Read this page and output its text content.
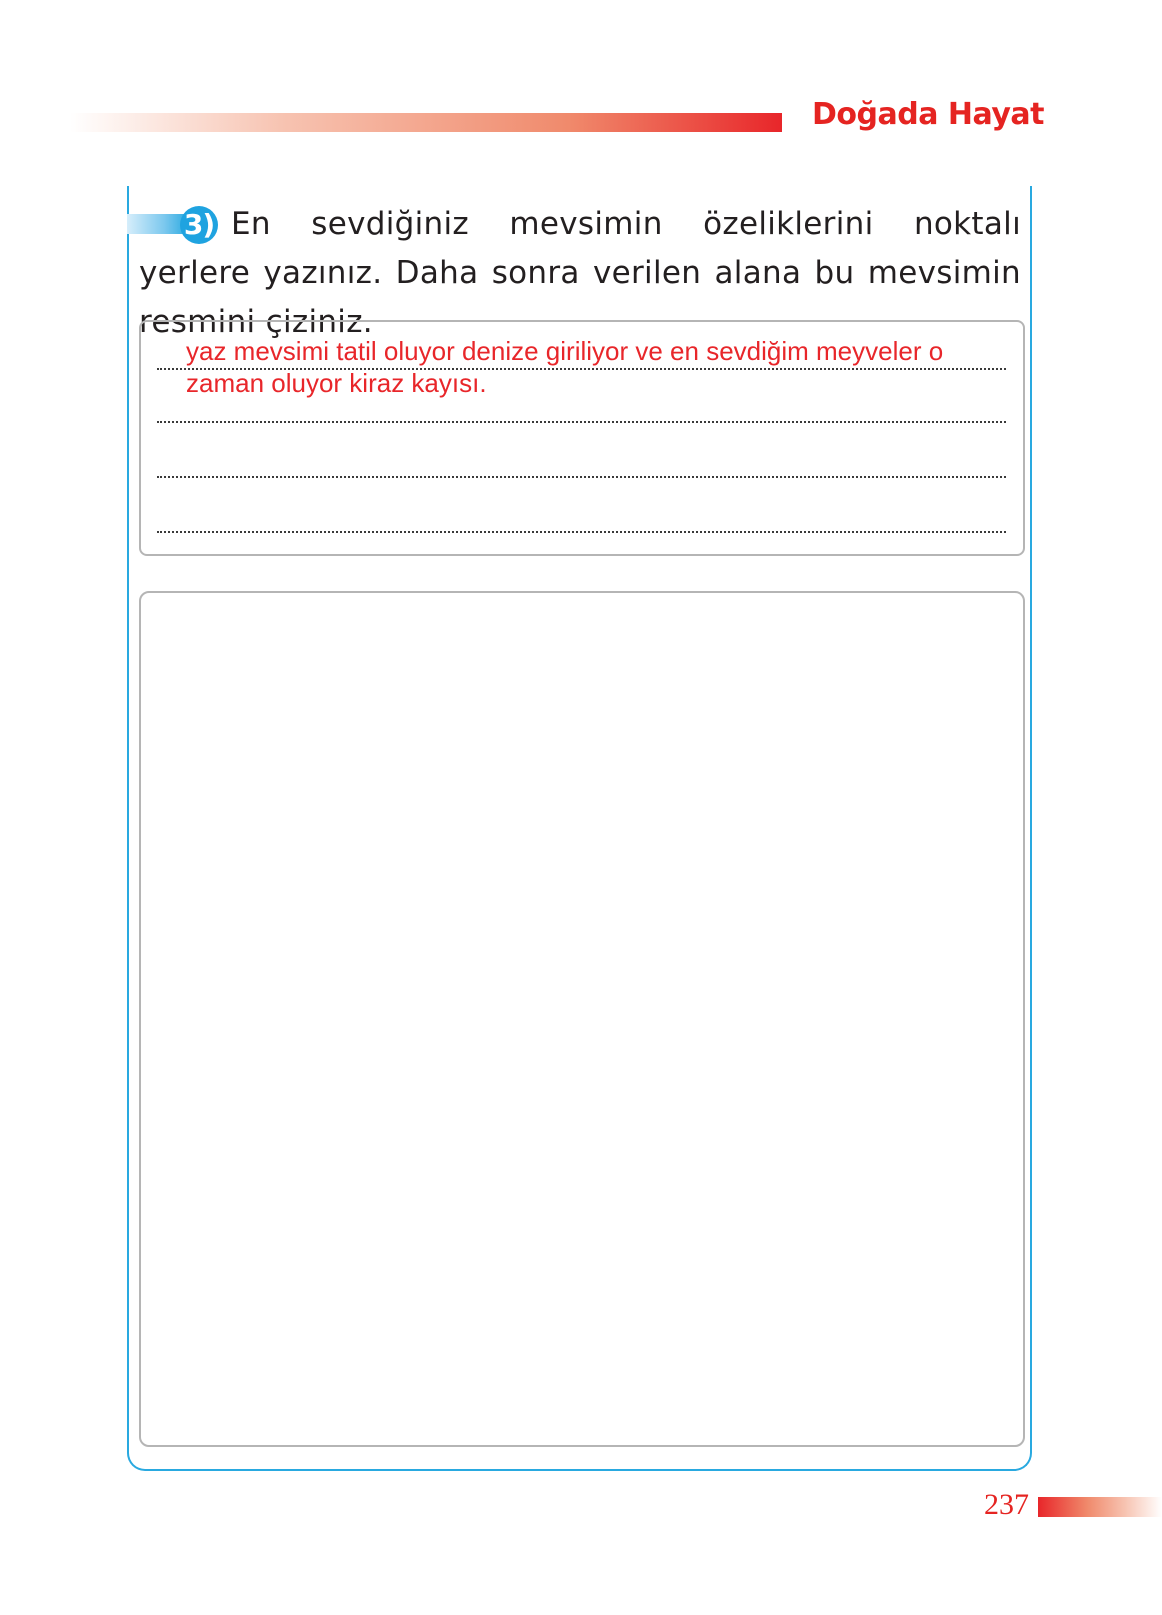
Doğada Hayat
En sevdiğiniz mevsimin özeliklerini noktalı yerlere yazınız. Daha sonra verilen alana bu mevsimin resmini çiziniz.
3)
yaz mevsimi tatil oluyor denize giriliyor ve en sevdiğim meyveler o zaman oluyor kiraz kayısı.
237
